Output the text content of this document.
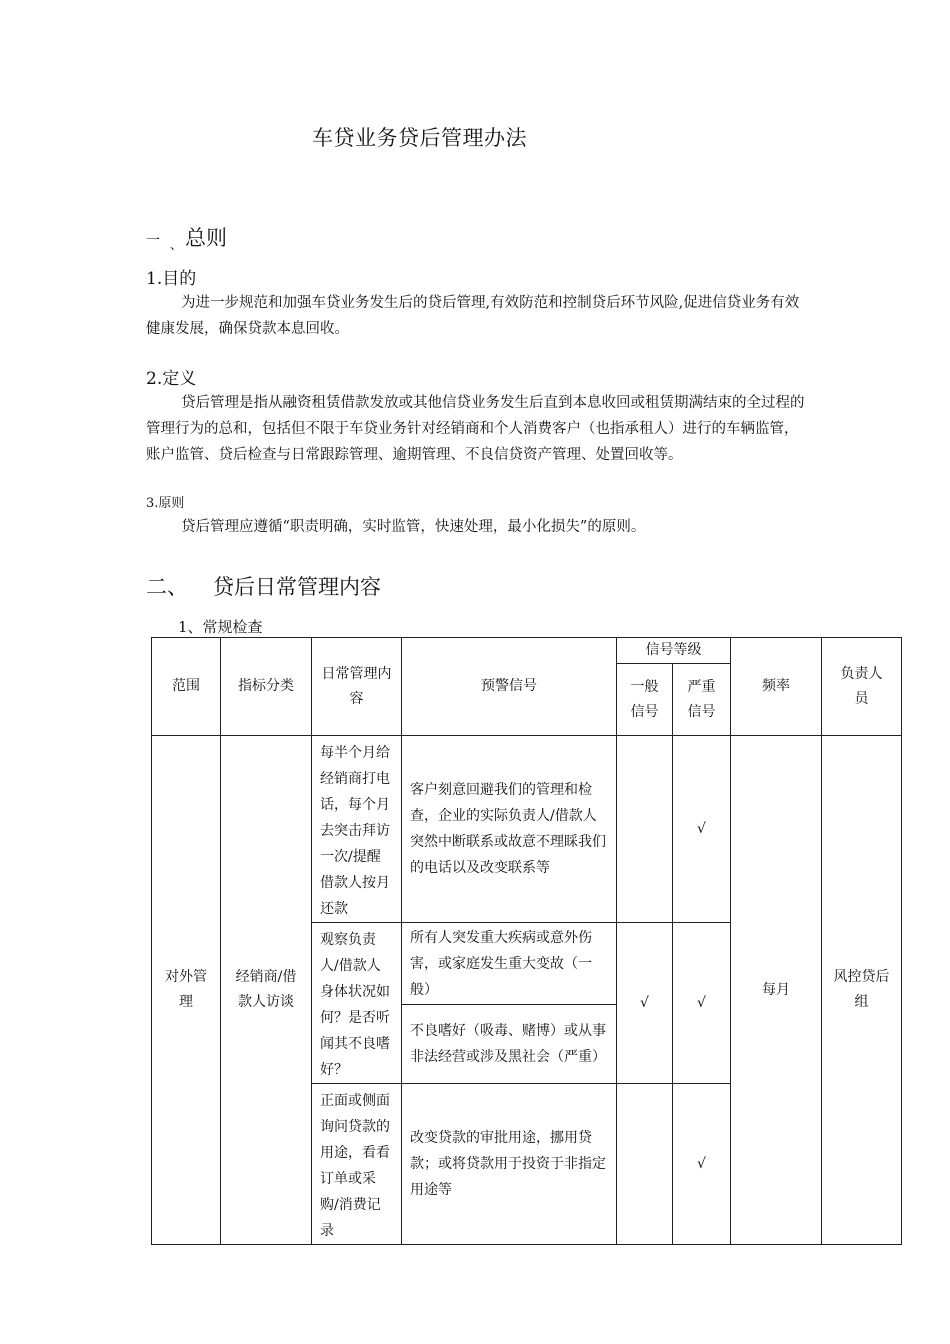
车贷业务贷后管理办法
一 、 总则
1.目的

为进一步规范和加强车贷业务发生后的贷后管理,有效防范和控制贷后环节风险,促进信贷业务有效健康发展，确保贷款本息回收。

2.定义

贷后管理是指从融资租赁借款发放或其他信贷业务发生后直到本息收回或租赁期满结束的全过程的管理行为的总和，包括但不限于车贷业务针对经销商和个人消费客户（也指承租人）进行的车辆监管，账户监管、贷后检查与日常跟踪管理、逾期管理、不良信贷资产管理、处置回收等。

3.原则

贷后管理应遵循“职责明确，实时监管，快速处理，最小化损失”的原则。

二、 贷后日常管理内容
1、常规检查
范围	指标分类	日常管理内容	预警信号	信号等级		频率	负责人员
				一般信号	严重信号		
对外管理	经销商/借款人访谈	每半个月给经销商打电话，每个月去突击拜访一次/提醒借款人按月还款	客户刻意回避我们的管理和检查，企业的实际负责人/借款人突然中断联系或故意不理睬我们的电话以及改变联系等		√	每月	风控贷后组
		观察负责人/借款人身体状况如何？是否听闻其不良嗜好？	所有人突发重大疾病或意外伤害，或家庭发生重大变故（一般）	√	√		
			不良嗜好（吸毒、赌博）或从事非法经营或涉及黑社会（严重）				
		正面或侧面询问贷款的用途，看看订单或采购/消费记录	改变贷款的审批用途，挪用贷款；或将贷款用于投资于非指定用途等		√		
